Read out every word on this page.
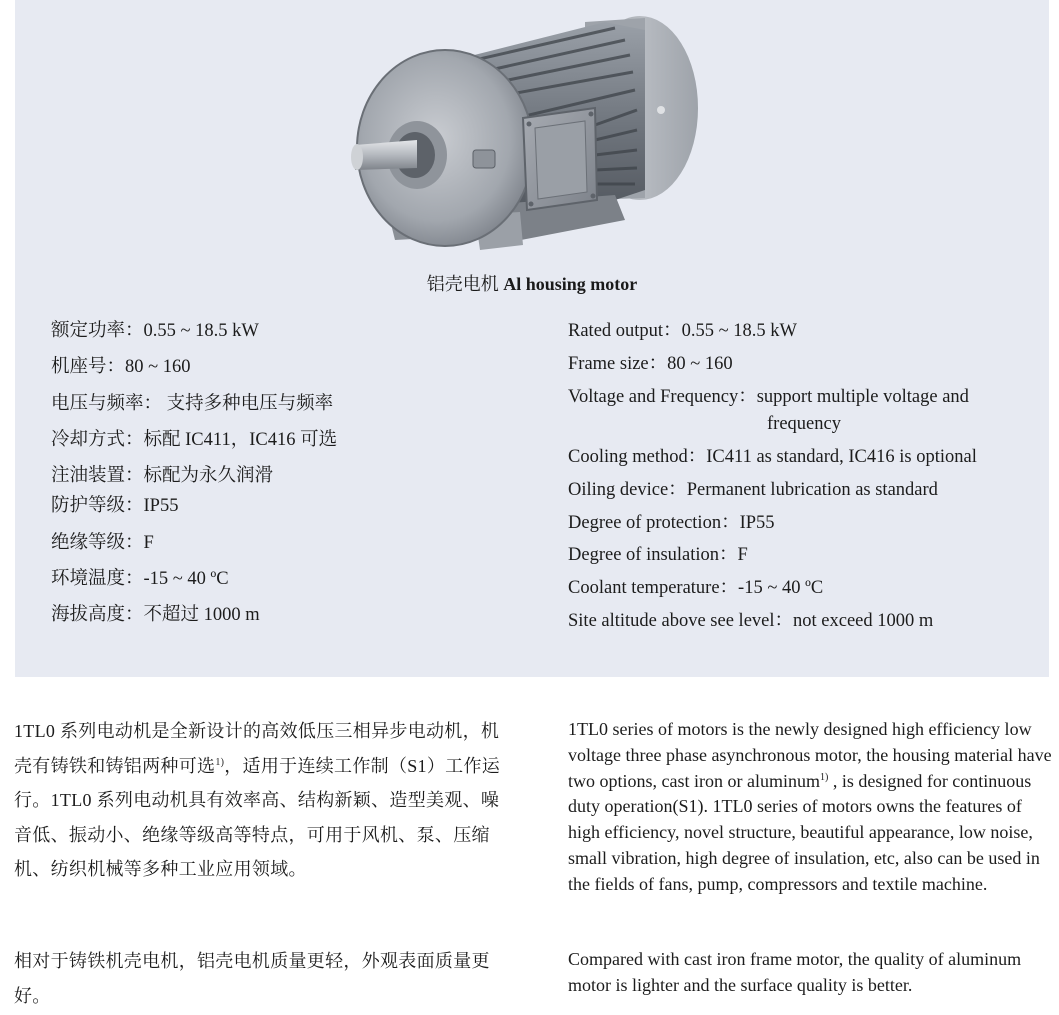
铝壳电机 Al housing motor
额定功率：0.55 ~ 18.5 kW
机座号：80 ~ 160
电压与频率： 支持多种电压与频率
冷却方式：标配 IC411，IC416 可选
注油装置：标配为永久润滑
防护等级：IP55
绝缘等级：F
环境温度：-15 ~ 40 ºC
海拔高度：不超过 1000 m
Rated output：0.55 ~ 18.5 kW
Frame size：80 ~ 160
Voltage and Frequency：support multiple voltage and
frequency
Cooling method：IC411 as standard, IC416 is optional
Oiling device：Permanent lubrication as standard
Degree of protection：IP55
Degree of insulation：F
Coolant temperature：-15 ~ 40 ºC
Site altitude above see level：not exceed 1000 m
1TL0 系列电动机是全新设计的高效低压三相异步电动机，机壳有铸铁和铸铝两种可选$^{1)}$，适用于连续工作制（S1）工作运行。1TL0 系列电动机具有效率高、结构新颖、造型美观、噪音低、振动小、绝缘等级高等特点，可用于风机、泵、压缩机、纺织机械等多种工业应用领域。
相对于铸铁机壳电机，铝壳电机质量更轻，外观表面质量更好。
1TL0 series of motors is the newly designed high efficiency low voltage three phase asynchronous motor, the housing material have two options, cast iron or aluminum$^{1)}$ , is designed for continuous duty operation(S1). 1TL0 series of motors owns the features of high efficiency, novel structure, beautiful appearance, low noise, small vibration, high degree of insulation, etc, also can be used in the fields of fans, pump, compressors and textile machine.
Compared with cast iron frame motor, the quality of aluminum motor is lighter and the surface quality is better.
